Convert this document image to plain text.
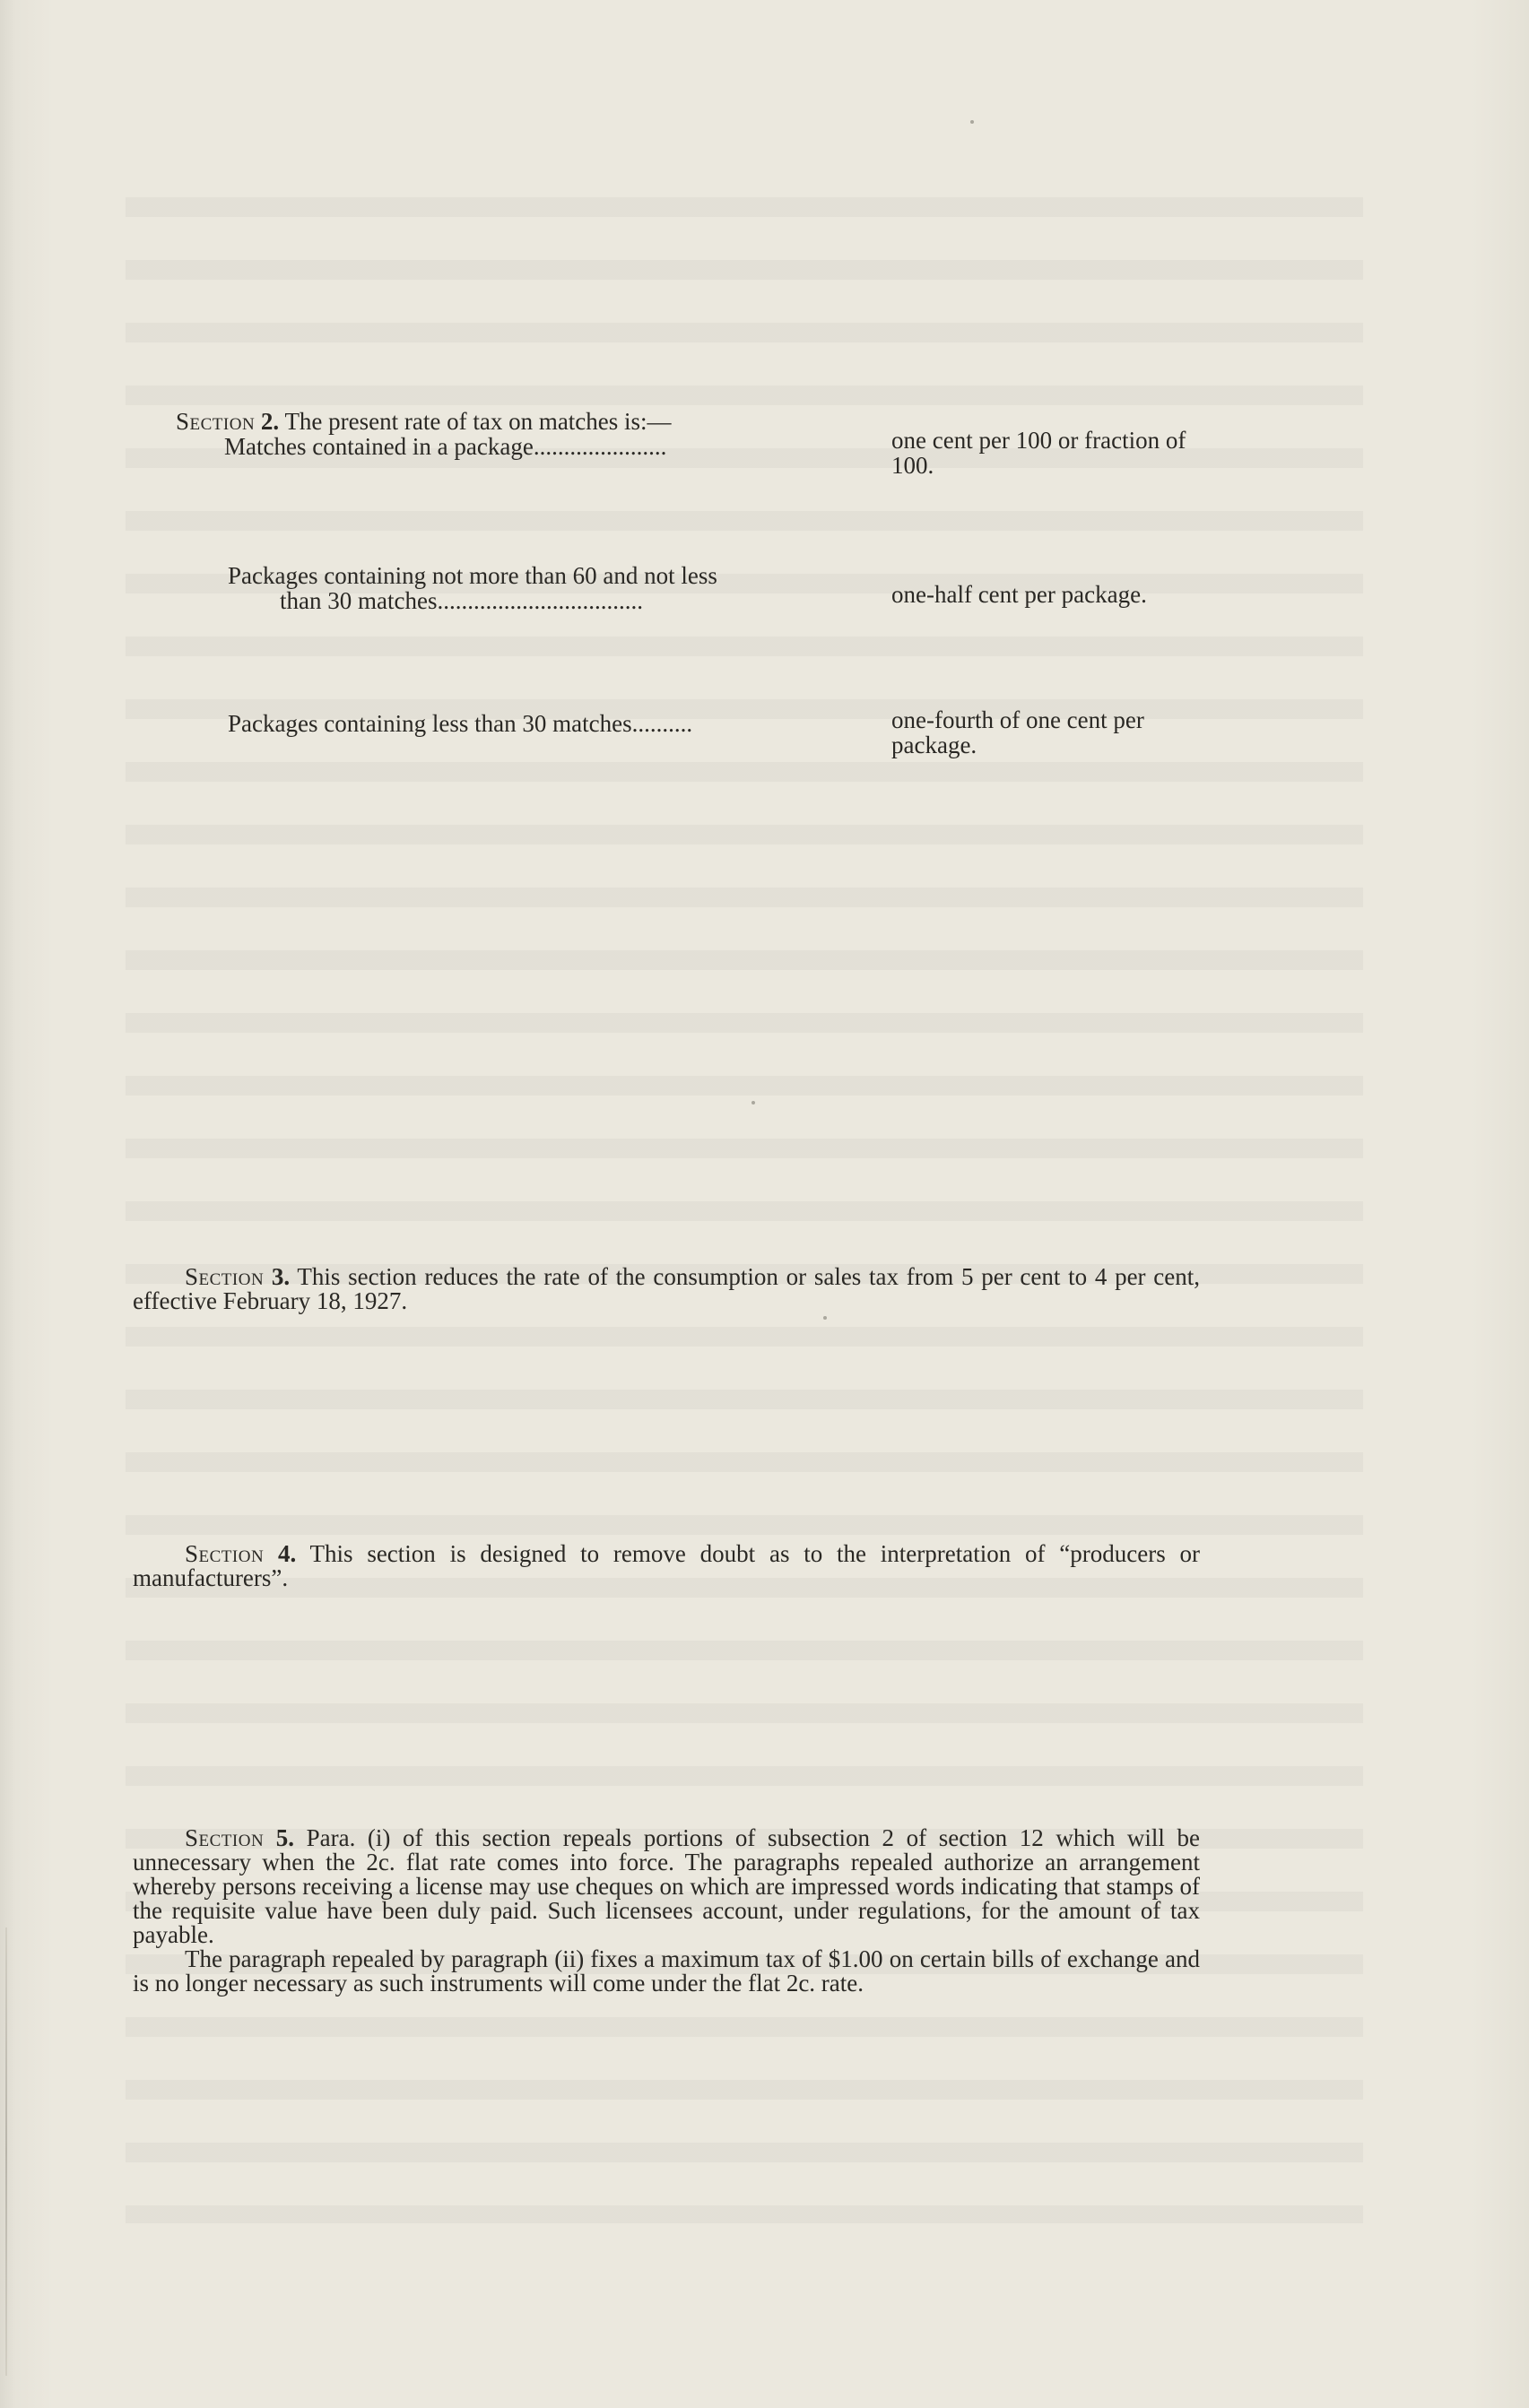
Section 2. The present rate of tax on matches is:—
Matches contained in a package......................	one cent per 100 or fraction of 100.
Packages containing not more than 60 and not less
than 30 matches..................................	one-half cent per package.
Packages containing less than 30 matches..........	one-fourth of one cent per package.

Section 3. This section reduces the rate of the consumption or sales tax from 5 per cent to 4 per cent, effective February 18, 1927.

Section 4. This section is designed to remove doubt as to the interpretation of “producers or manufacturers”.

Section 5. Para. (i) of this section repeals portions of subsection 2 of section 12 which will be unnecessary when the 2c. flat rate comes into force. The paragraphs repealed authorize an arrangement whereby persons receiving a license may use cheques on which are impressed words indicating that stamps of the requisite value have been duly paid. Such licensees account, under regulations, for the amount of tax payable.

The paragraph repealed by paragraph (ii) fixes a maximum tax of $1.00 on certain bills of exchange and is no longer necessary as such instruments will come under the flat 2c. rate.
